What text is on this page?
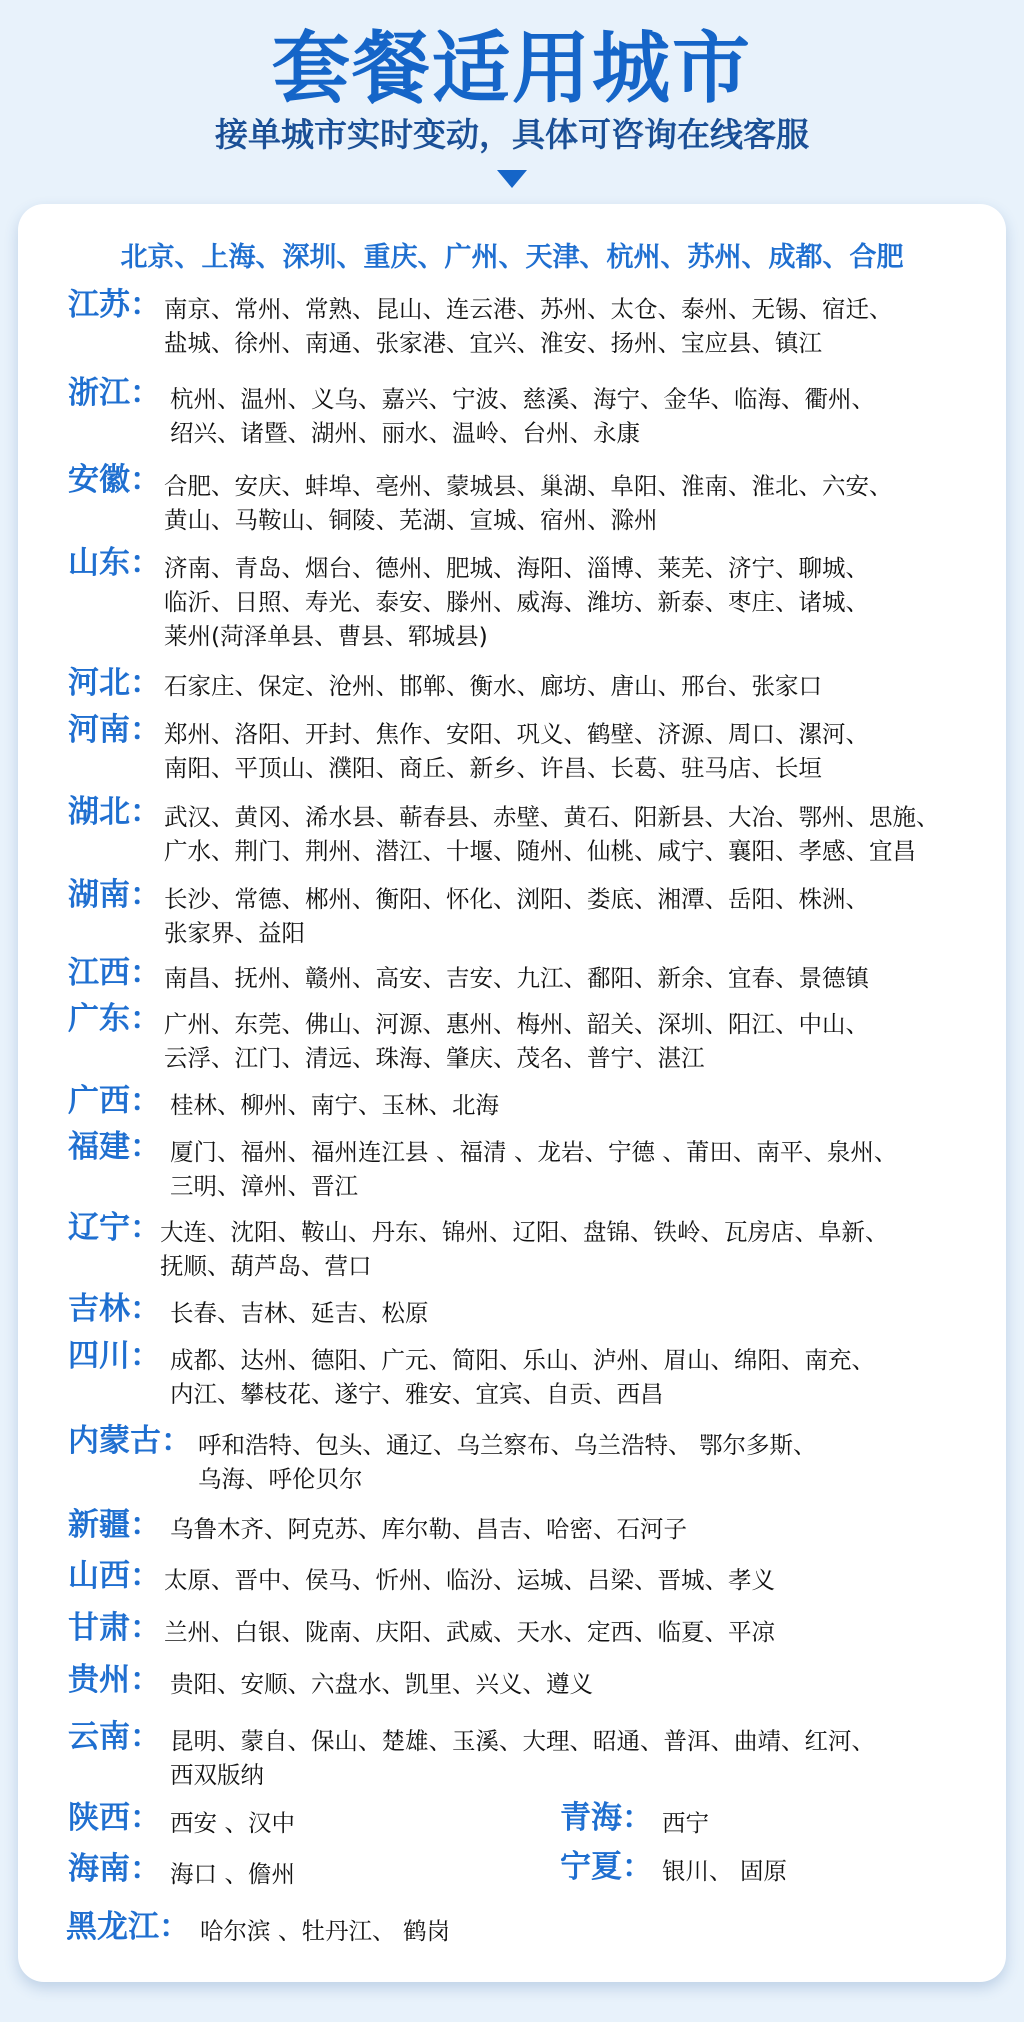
套餐适用城市
接单城市实时变动，具体可咨询在线客服
北京、上海、深圳、重庆、广州、天津、杭州、苏州、成都、合肥
江苏： 南京、常州、常熟、昆山、连云港、苏州、太仓、泰州、无锡、宿迁、
盐城、徐州、南通、张家港、宜兴、淮安、扬州、宝应县、镇江
浙江： 杭州、温州、义乌、嘉兴、宁波、慈溪、海宁、金华、临海、衢州、
绍兴、诸暨、湖州、丽水、温岭、台州、永康
安徽： 合肥、安庆、蚌埠、亳州、蒙城县、巢湖、阜阳、淮南、淮北、六安、
黄山、马鞍山、铜陵、芜湖、宣城、宿州、滁州
山东： 济南、青岛、烟台、德州、肥城、海阳、淄博、莱芜、济宁、聊城、
临沂、日照、寿光、泰安、滕州、威海、潍坊、新泰、枣庄、诸城、
莱州(菏泽单县、曹县、郓城县)
河北： 石家庄、保定、沧州、邯郸、衡水、廊坊、唐山、邢台、张家口
河南： 郑州、洛阳、开封、焦作、安阳、巩义、鹤壁、济源、周口、漯河、
南阳、平顶山、濮阳、商丘、新乡、许昌、长葛、驻马店、长垣
湖北： 武汉、黄冈、浠水县、蕲春县、赤壁、黄石、阳新县、大冶、鄂州、思施、
广水、荆门、荆州、潜江、十堰、随州、仙桃、咸宁、襄阳、孝感、宜昌
湖南： 长沙、常德、郴州、衡阳、怀化、浏阳、娄底、湘潭、岳阳、株洲、
张家界、益阳
江西： 南昌、抚州、赣州、高安、吉安、九江、鄱阳、新余、宜春、景德镇
广东： 广州、东莞、佛山、河源、惠州、梅州、韶关、深圳、阳江、中山、
云浮、江门、清远、珠海、肇庆、茂名、普宁、湛江
广西： 桂林、柳州、南宁、玉林、北海
福建： 厦门、福州、福州连江县 、福清 、龙岩、宁德 、莆田、南平、泉州、
三明、漳州、晋江
辽宁： 大连、沈阳、鞍山、丹东、锦州、辽阳、盘锦、铁岭、瓦房店、阜新、
抚顺、葫芦岛、营口
吉林： 长春、吉林、延吉、松原
四川： 成都、达州、德阳、广元、简阳、乐山、泸州、眉山、绵阳、南充、
内江、攀枝花、遂宁、雅安、宜宾、自贡、西昌
内蒙古： 呼和浩特、包头、通辽、乌兰察布、乌兰浩特、 鄂尔多斯、
乌海、呼伦贝尔
新疆： 乌鲁木齐、阿克苏、库尔勒、昌吉、哈密、石河子
山西： 太原、晋中、侯马、忻州、临汾、运城、吕梁、晋城、孝义
甘肃： 兰州、白银、陇南、庆阳、武威、天水、定西、临夏、平凉
贵州： 贵阳、安顺、六盘水、凯里、兴义、遵义
云南： 昆明、蒙自、保山、楚雄、玉溪、大理、昭通、普洱、曲靖、红河、
西双版纳
陕西： 西安 、汉中	青海： 西宁
海南： 海口 、儋州	宁夏： 银川、 固原
黑龙江： 哈尔滨 、牡丹江、 鹤岗
